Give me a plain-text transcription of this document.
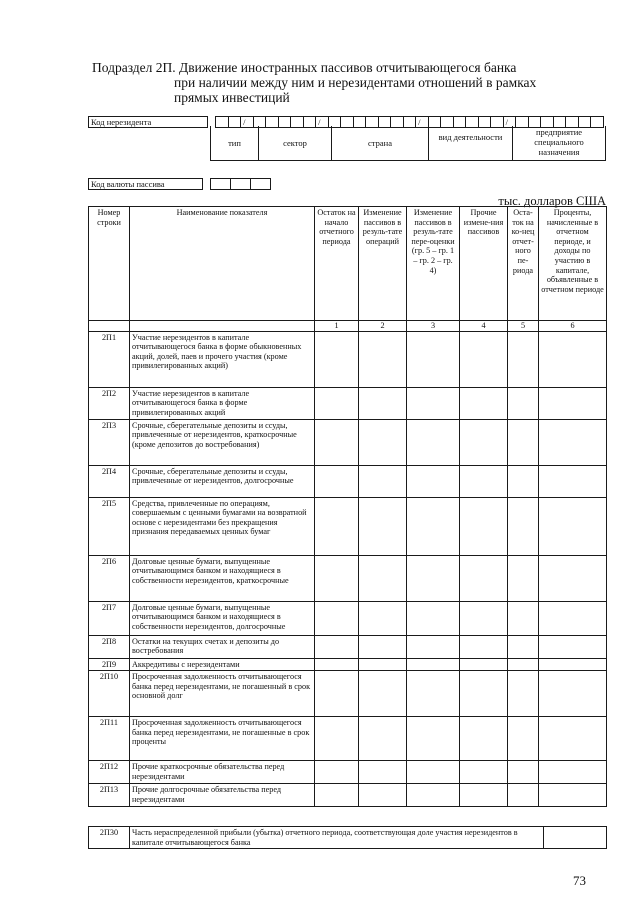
Подраздел 2П. Движение иностранных пассивов отчитывающегося банка
при наличии между ним и нерезидентами отношений в рамках
прямых инвестиций
Код нерезидента				/						/								/							/							
тип	сектор	страна
вид деятельности	предприятие специального назначения
Код валюты пассива				
тыс. долларов США
Номер строки	Наименование показателя	Остаток на начало отчетного периода	Изменение пассивов в резуль-тате операций	Изменение пассивов в резуль-тате пере-оценки (гр. 5 – гр. 1 – гр. 2 – гр. 4)	Прочие измене-ния пассивов	Оста-ток на ко-нец отчет-ного пе-риода	Проценты, начисленные в отчетном периоде, и доходы по участию в капитале, объявленные в отчетном периоде
		1	2	3	4	5	6
2П1	Участие нерезидентов в капитале отчитывающегося банка в форме обыкновенных акций, долей, паев и прочего участия (кроме привилегированных акций)						
2П2	Участие нерезидентов в капитале отчитывающегося банка в форме привилегированных акций						
2П3	Срочные, сберегательные депозиты и ссуды, привлеченные от нерезидентов, краткосрочные (кроме депозитов до востребования)						
2П4	Срочные, сберегательные депозиты и ссуды, привлеченные от нерезидентов, долгосрочные						
2П5	Средства, привлеченные по операциям, совершаемым с ценными бумагами на возвратной основе с нерезидентами без прекращения признания передаваемых ценных бумаг						
2П6	Долговые ценные бумаги, выпущенные отчитывающимся банком и находящиеся в собственности нерезидентов, краткосрочные						
2П7	Долговые ценные бумаги, выпущенные отчитывающимся банком и находящиеся в собственности нерезидентов, долгосрочные						
2П8	Остатки на текущих счетах и депозиты до востребования						
2П9	Аккредитивы с нерезидентами						
2П10	Просроченная задолженность отчитывающегося банка перед нерезидентами, не погашенный в срок основной долг						
2П11	Просроченная задолженность отчитывающегося банка перед нерезидентами, не погашенные в срок проценты						
2П12	Прочие краткосрочные обязательства перед нерезидентами						
2П13	Прочие долгосрочные обязательства перед нерезидентами						
2П30	Часть нераспределенной прибыли (убытка) отчетного периода, соответствующая доле участия нерезидентов в капитале отчитывающегося банка	
73
